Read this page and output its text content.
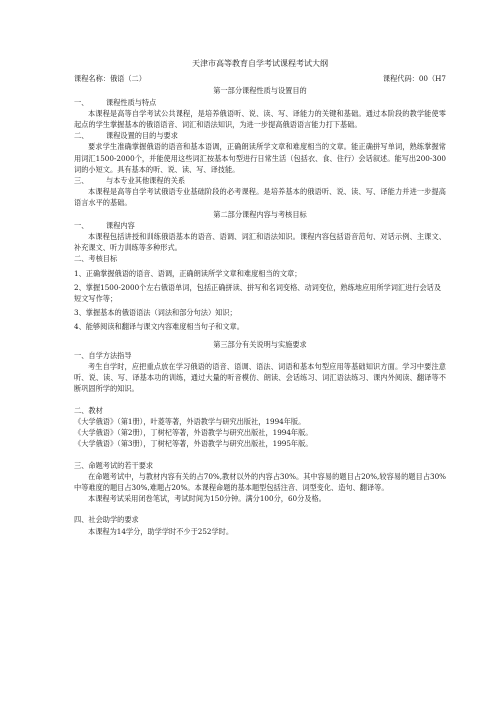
天津市高等教育自学考试课程考试大纲
课程名称：俄语（二）	课程代码：00（H7

第一部分课程性质与设置目的

一、	课程性质与特点

本课程是高等自学考试公共课程，是培养俄语听、说、读、写、译能力的关键和基础。通过本阶段的教学能使零起点的学生掌握基本的俄语语音、词汇和语法知识，为进一步提高俄语语言能力打下基础。

二、	课程设置的目的与要求

要求学生准确掌握俄语的语音和基本语调，正确朗读所学文章和难度相当的文章。能正确拼写单词，熟练掌握常用词汇1500-2000个，并能使用这些词汇按基本句型进行日常生活（包括衣、食、住行）会话叙述。能写出200-300词的小短文。具有基本的听、说、读、写、译技能。

三、	与本专业其他课程的关系

本课程是高等自学考试俄语专业基础阶段的必考课程。是培养基本的俄语听、说、读、写、译能力并进一步提高语言水平的基础。

第二部分课程内容与考核目标

一、	课程内容

本课程包括讲授和训练俄语基本的语音、语调、词汇和语法知识。课程内容包括语音范句、对话示例、主课文、补充课文、听力训练等多种形式。

二、考核目标

1、正确掌握俄语的语音、语调，正确朗读所学文章和难度相当的文章；

2、掌握1500-2000个左右俄语单词，包括正确拼读、拼写和名词变格、动词变位，熟练地应用所学词汇进行会话及短文写作等；

3、掌握基本的俄语语法（词法和部分句法）知识；

4、能够阅读和翻译与课文内容难度相当句子和文章。

第三部分有关说明与实施要求

一、自学方法指导

考生自学时，应把重点放在学习俄语的语音、语调、语法、词语和基本句型应用等基础知识方面。学习中要注意听、说、读、写、译基本功的训练，通过大量的听音模仿、朗读、会话练习、词汇语法练习、课内外阅读、翻译等不断巩固所学的知识。

二、教材

《大学俄语》（第1册），叶菱等著，外语教学与研究出版社，1994年版。

《大学俄语》（第2册），丁树杞等著，外语教学与研究出版社，1994年版。

《大学俄语》（第3册），丁树杞等著，外语教学与研究出版社，1995年版。

三、命题考试的若干要求

在命题考试中，与教材内容有关的占70%,教材以外的内容占30%。其中容易的题目占20%,较容易的题目占30%中等难度的题目占30%,难题占20%。本课程命题的基本题型包括注音、词型变化、造句、翻译等。

本课程考试采用闭卷笔试，考试时间为150分钟。满分100分，60分及格。

四、社会助学的要求

本课程为14学分，助学学时不少于252学时。
